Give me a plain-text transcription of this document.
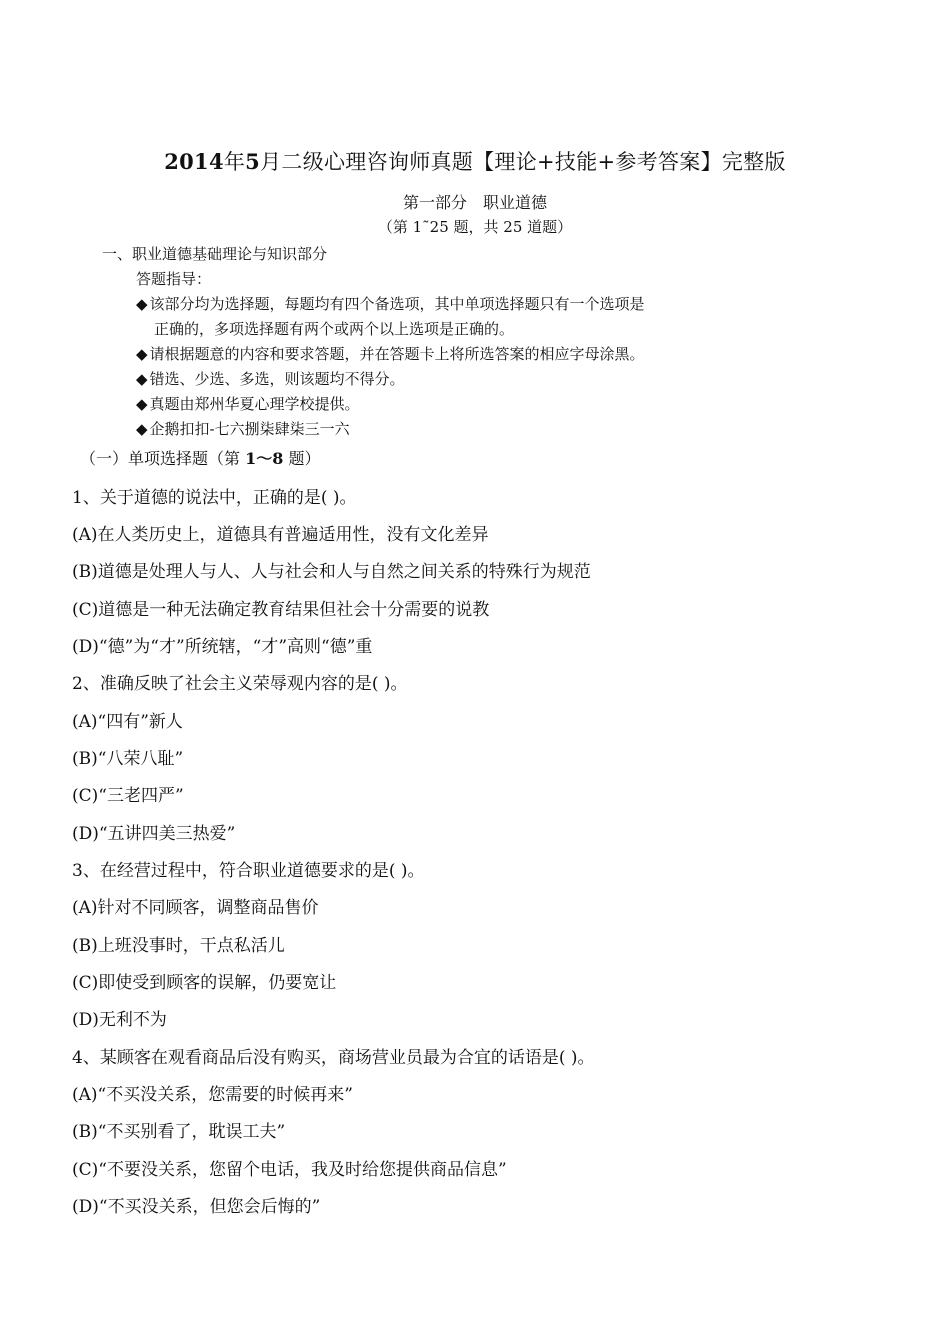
2014年5月二级心理咨询师真题【理论+技能+参考答案】完整版
第一部分　职业道德
（第 1˜25 题，共 25 道题）
一、职业道德基础理论与知识部分
答题指导：
◆ 该部分均为选择题，每题均有四个备选项，其中单项选择题只有一个选项是
正确的，多项选择题有两个或两个以上选项是正确的。
◆ 请根据题意的内容和要求答题，并在答题卡上将所选答案的相应字母涂黑。
◆ 错选、少选、多选，则该题均不得分。
◆ 真题由郑州华夏心理学校提供。
◆ 企鹅扣扣-七六捌柒肆柒三一六
（一）单项选择题（第 1～8 题）
1、关于道德的说法中，正确的是( )。
(A)在人类历史上，道德具有普遍适用性，没有文化差异
(B)道德是处理人与人、人与社会和人与自然之间关系的特殊行为规范
(C)道德是一种无法确定教育结果但社会十分需要的说教
(D)“德”为“才”所统辖，“才”高则“德”重
2、准确反映了社会主义荣辱观内容的是( )。
(A)“四有”新人
(B)“八荣八耻”
(C)“三老四严”
(D)“五讲四美三热爱”
3、在经营过程中，符合职业道德要求的是( )。
(A)针对不同顾客，调整商品售价
(B)上班没事时，干点私活儿
(C)即使受到顾客的误解，仍要宽让
(D)无利不为
4、某顾客在观看商品后没有购买，商场营业员最为合宜的话语是( )。
(A)“不买没关系，您需要的时候再来”
(B)“不买别看了，耽误工夫”
(C)“不要没关系，您留个电话，我及时给您提供商品信息”
(D)“不买没关系，但您会后悔的”
